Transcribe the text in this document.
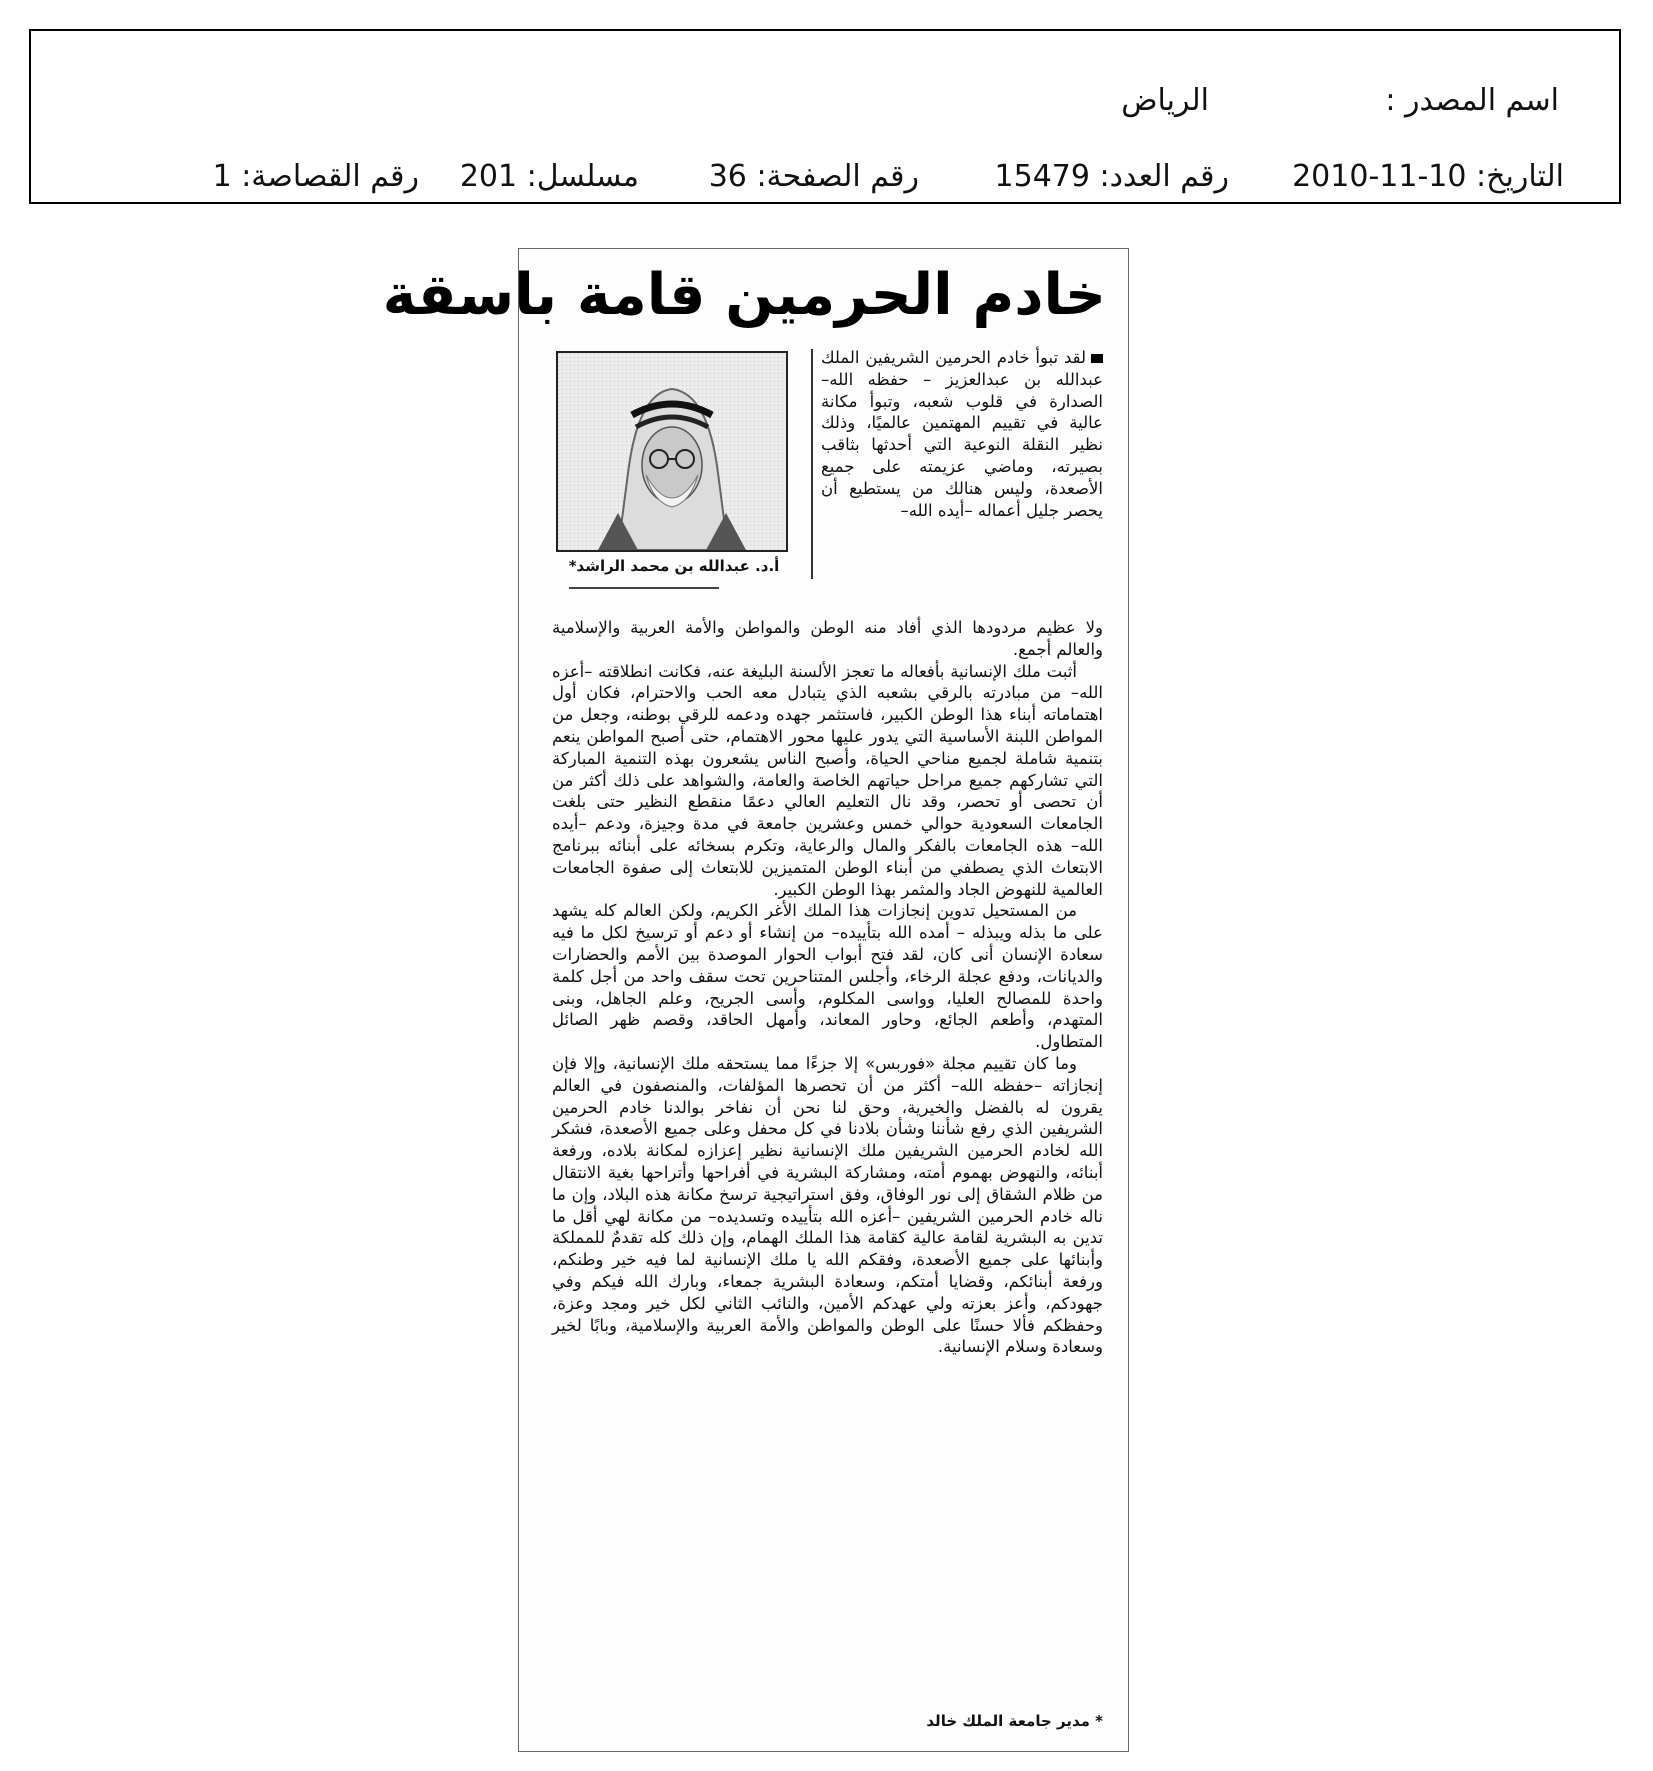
اسم المصدر :
الرياض
التاريخ: 10-11-2010
رقم العدد: 15479
رقم الصفحة: 36
مسلسل: 201
رقم القصاصة: 1
خادم الحرمين قامة باسقة
أ.د. عبدالله بن محمد الراشد*
لقد تبوأ خادم الحرمين الشريفين الملك عبدالله بن عبدالعزيز – حفظه الله– الصدارة في قلوب شعبه، وتبوأ مكانة عالية في تقييم المهتمين عالميًا، وذلك نظير النقلة النوعية التي أحدثها بثاقب بصيرته، وماضي عزيمته على جميع الأصعدة، وليس هنالك من يستطيع أن يحصر جليل أعماله –أيده الله–

ولا عظيم مردودها الذي أفاد منه الوطن والمواطن والأمة العربية والإسلامية والعالم أجمع.

أثبت ملك الإنسانية بأفعاله ما تعجز الألسنة البليغة عنه، فكانت انطلاقته –أعزه الله– من مبادرته بالرقي بشعبه الذي يتبادل معه الحب والاحترام، فكان أول اهتماماته أبناء هذا الوطن الكبير، فاستثمر جهده ودعمه للرقي بوطنه، وجعل من المواطن اللبنة الأساسية التي يدور عليها محور الاهتمام، حتى أصبح المواطن ينعم بتنمية شاملة لجميع مناحي الحياة، وأصبح الناس يشعرون بهذه التنمية المباركة التي تشاركهم جميع مراحل حياتهم الخاصة والعامة، والشواهد على ذلك أكثر من أن تحصى أو تحصر، وقد نال التعليم العالي دعمًا منقطع النظير حتى بلغت الجامعات السعودية حوالي خمس وعشرين جامعة في مدة وجيزة، ودعم –أيده الله– هذه الجامعات بالفكر والمال والرعاية، وتكرم بسخائه على أبنائه ببرنامج الابتعاث الذي يصطفي من أبناء الوطن المتميزين للابتعاث إلى صفوة الجامعات العالمية للنهوض الجاد والمثمر بهذا الوطن الكبير.

من المستحيل تدوين إنجازات هذا الملك الأغر الكريم، ولكن العالم كله يشهد على ما بذله ويبذله – أمده الله بتأييده– من إنشاء أو دعم أو ترسيخ لكل ما فيه سعادة الإنسان أنى كان، لقد فتح أبواب الحوار الموصدة بين الأمم والحضارات والديانات، ودفع عجلة الرخاء، وأجلس المتناحرين تحت سقف واحد من أجل كلمة واحدة للمصالح العليا، وواسى المكلوم، وأسى الجريح، وعلم الجاهل، وبنى المتهدم، وأطعم الجائع، وحاور المعاند، وأمهل الحاقد، وقصم ظهر الصائل المتطاول.

وما كان تقييم مجلة «فوربس» إلا جزءًا مما يستحقه ملك الإنسانية، وإلا فإن إنجازاته –حفظه الله– أكثر من أن تحصرها المؤلفات، والمنصفون في العالم يقرون له بالفضل والخيرية، وحق لنا نحن أن نفاخر بوالدنا خادم الحرمين الشريفين الذي رفع شأننا وشأن بلادنا في كل محفل وعلى جميع الأصعدة، فشكر الله لخادم الحرمين الشريفين ملك الإنسانية نظير إعزازه لمكانة بلاده، ورفعة أبنائه، والنهوض بهموم أمته، ومشاركة البشرية في أفراحها وأتراحها بغية الانتقال من ظلام الشقاق إلى نور الوفاق، وفق استراتيجية ترسخ مكانة هذه البلاد، وإن ما ناله خادم الحرمين الشريفين –أعزه الله بتأييده وتسديده– من مكانة لهي أقل ما تدين به البشرية لقامة عالية كقامة هذا الملك الهمام، وإن ذلك كله تقدمٌ للمملكة وأبنائها على جميع الأصعدة، وفقكم الله يا ملك الإنسانية لما فيه خير وطنكم، ورفعة أبنائكم، وقضايا أمتكم، وسعادة البشرية جمعاء، وبارك الله فيكم وفي جهودكم، وأعز بعزته ولي عهدكم الأمين، والنائب الثاني لكل خير ومجد وعزة، وحفظكم فألا حسنًا على الوطن والمواطن والأمة العربية والإسلامية، وبابًا لخير وسعادة وسلام الإنسانية.

* مدير جامعة الملك خالد
